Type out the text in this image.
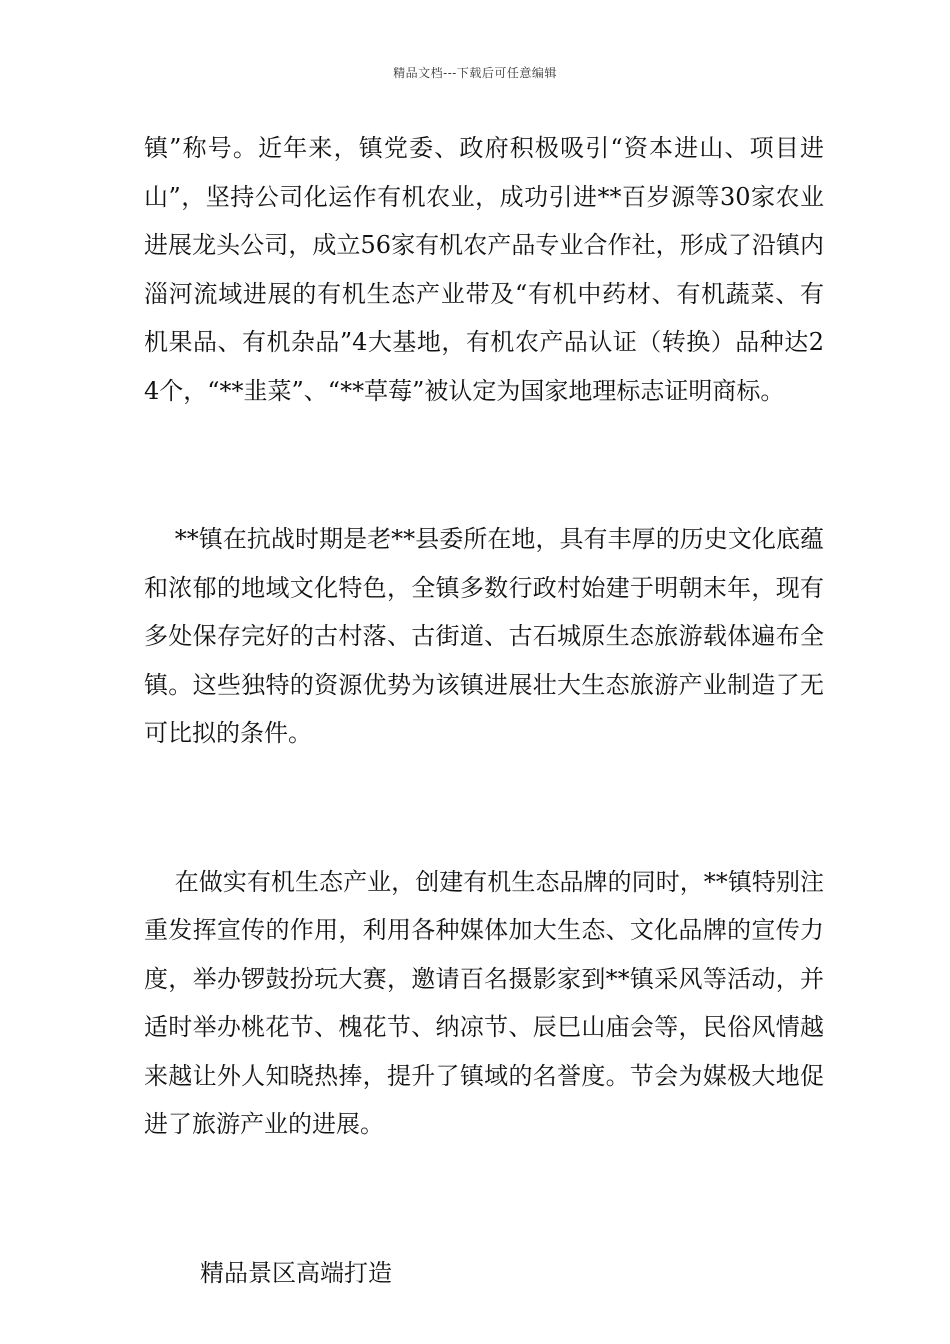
精品文档---下载后可任意编辑

镇”称号。近年来，镇党委、政府积极吸引“资本进山、项目进山”，坚持公司化运作有机农业，成功引进**百岁源等30家农业进展龙头公司，成立56家有机农产品专业合作社，形成了沿镇内淄河流域进展的有机生态产业带及“有机中药材、有机蔬菜、有机果品、有机杂品”4大基地，有机农产品认证（转换）品种达24个，“**韭菜”、“**草莓”被认定为国家地理标志证明商标。

**镇在抗战时期是老**县委所在地，具有丰厚的历史文化底蕴和浓郁的地域文化特色，全镇多数行政村始建于明朝末年，现有多处保存完好的古村落、古街道、古石城原生态旅游载体遍布全镇。这些独特的资源优势为该镇进展壮大生态旅游产业制造了无可比拟的条件。

在做实有机生态产业，创建有机生态品牌的同时，**镇特别注重发挥宣传的作用，利用各种媒体加大生态、文化品牌的宣传力度，举办锣鼓扮玩大赛，邀请百名摄影家到**镇采风等活动，并适时举办桃花节、槐花节、纳凉节、辰巳山庙会等，民俗风情越来越让外人知晓热捧，提升了镇域的名誉度。节会为媒极大地促进了旅游产业的进展。

精品景区高端打造
